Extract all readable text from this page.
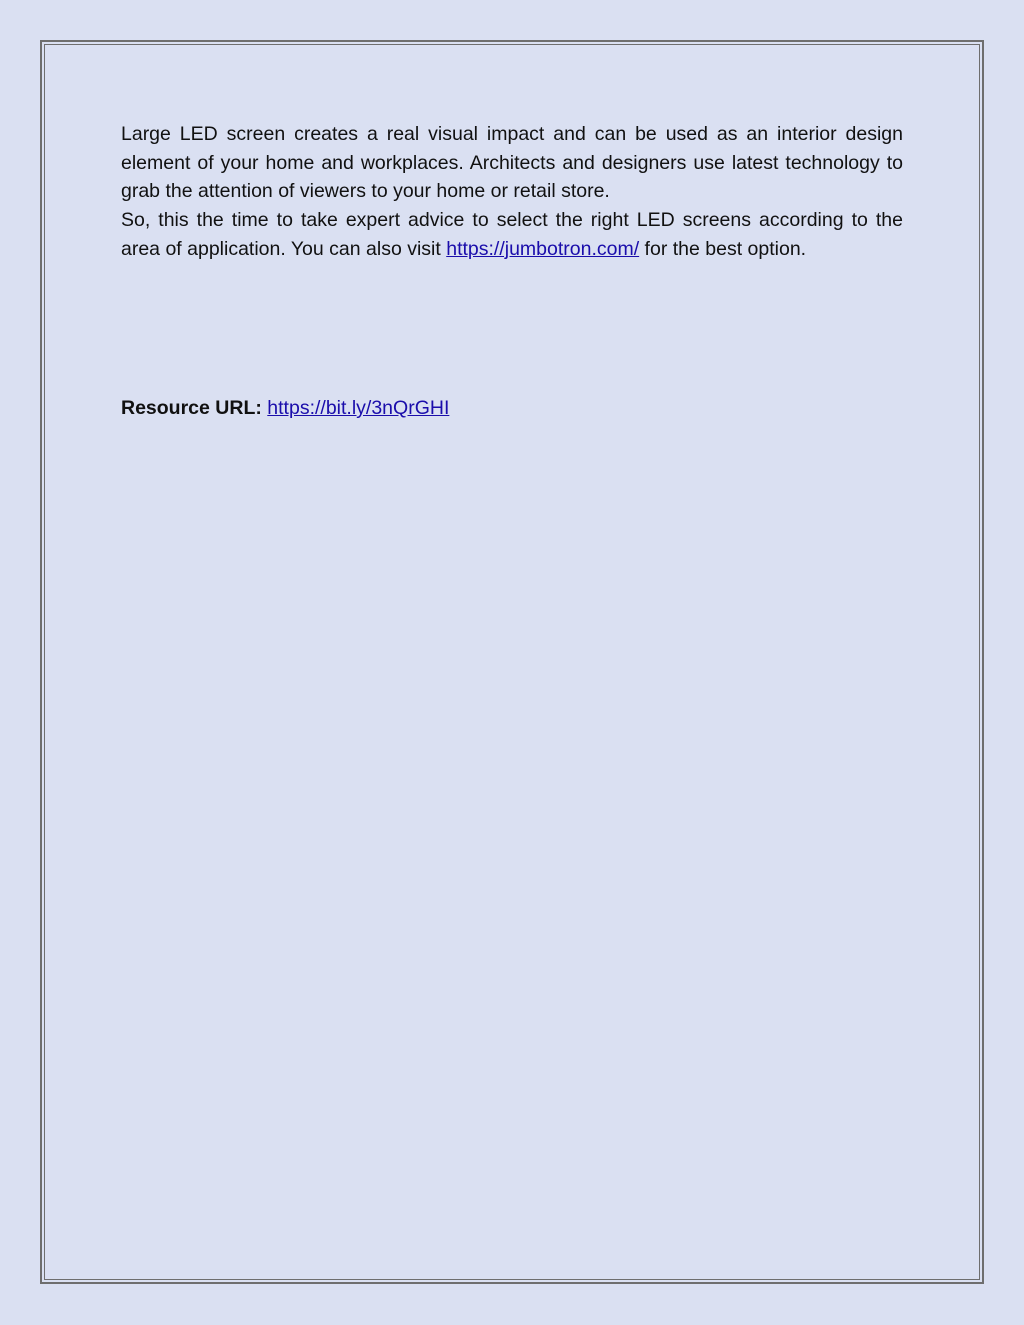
Large LED screen creates a real visual impact and can be used as an interior design element of your home and workplaces. Architects and designers use latest technology to grab the attention of viewers to your home or retail store.

So, this the time to take expert advice to select the right LED screens according to the area of application. You can also visit https://jumbotron.com/ for the best option.

Resource URL: https://bit.ly/3nQrGHI
